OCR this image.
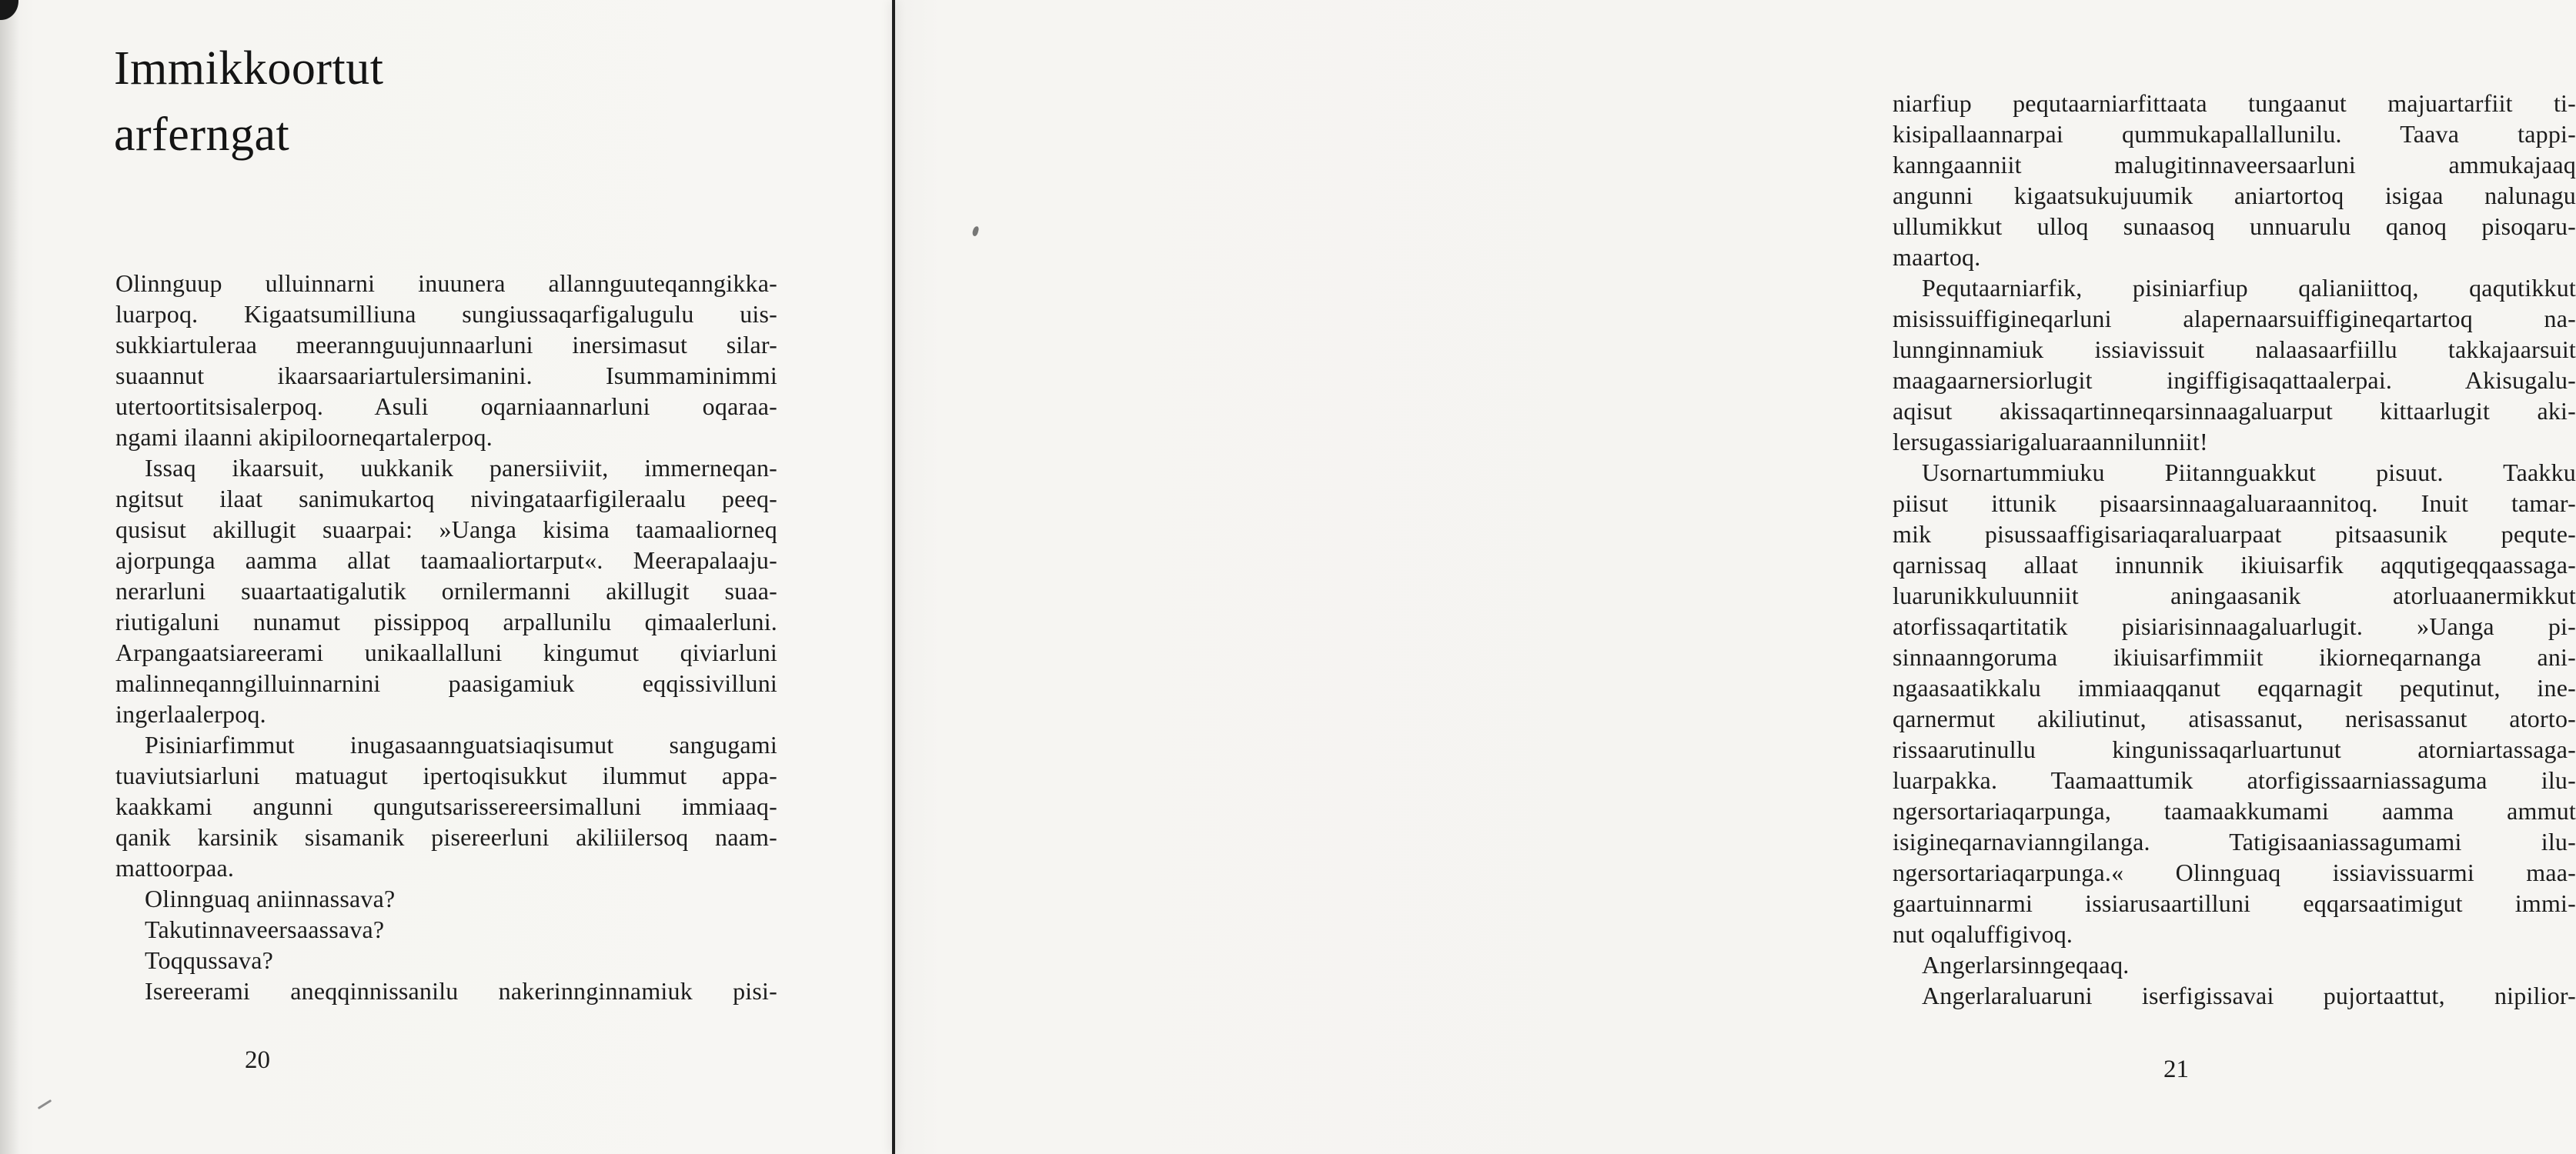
Immikkoortut
arferngat
Olinnguup ulluinnarni inuunera allannguuteqanngikka-
luarpoq. Kigaatsumilliuna sungiussaqarfigalugulu uis-
sukkiartuleraa meerannguujunnaarluni inersimasut silar-
suaannut ikaarsaariartulersimanini. Isummaminimmi
utertoortitsisalerpoq. Asuli oqarniaannarluni oqaraa-
ngami ilaanni akipiloorneqartalerpoq.
Issaq ikaarsuit, uukkanik panersiiviit, immerneqan-
ngitsut ilaat sanimukartoq nivingataarfigileraalu peeq-
qusisut akillugit suaarpai: »Uanga kisima taamaaliorneq
ajorpunga aamma allat taamaaliortarput«. Meerapalaaju-
nerarluni suaartaatigalutik ornilermanni akillugit suaa-
riutigaluni nunamut pissippoq arpallunilu qimaalerluni.
Arpangaatsiareerami unikaallalluni kingumut qiviarluni
malinneqanngilluinnarnini paasigamiuk eqqissivilluni
ingerlaalerpoq.
Pisiniarfimmut inugasaannguatsiaqisumut sangugami
tuaviutsiarluni matuagut ipertoqisukkut ilummut appa-
kaakkami angunni qungutsarissereersimalluni immiaaq-
qanik karsinik sisamanik pisereerluni akiliilersoq naam-
mattoorpaa.
Olinnguaq aniinnassava?
Takutinnaveersaassava?
Toqqussava?
Isereerami aneqqinnissanilu nakerinnginnamiuk pisi-
20
niarfiup pequtaarniarfittaata tungaanut majuartarfiit ti-
kisipallaannarpai qummukapallallunilu. Taava tappi-
kanngaanniit malugitinnaveersaarluni ammukajaaq
angunni kigaatsukujuumik aniartortoq isigaa nalunagu
ullumikkut ulloq sunaasoq unnuarulu qanoq pisoqaru-
maartoq.
Pequtaarniarfik, pisiniarfiup qalianiittoq, qaqutikkut
misissuiffigineqarluni alapernaarsuiffigineqartartoq na-
lunnginnamiuk issiavissuit nalaasaarfiillu takkajaarsuit
maagaarnersiorlugit ingiffigisaqattaalerpai. Akisugalu-
aqisut akissaqartinneqarsinnaagaluarput kittaarlugit aki-
lersugassiarigaluaraannilunniit!
Usornartummiuku Piitannguakkut pisuut. Taakku
piisut ittunik pisaarsinnaagaluaraannitoq. Inuit tamar-
mik pisussaaffigisariaqaraluarpaat pitsaasunik pequte-
qarnissaq allaat innunnik ikiuisarfik aqqutigeqqaassaga-
luarunikkuluunniit aningaasanik atorluaanermikkut
atorfissaqartitatik pisiarisinnaagaluarlugit. »Uanga pi-
sinnaanngoruma ikiuisarfimmiit ikiorneqarnanga ani-
ngaasaatikkalu immiaaqqanut eqqarnagit pequtinut, ine-
qarnermut akiliutinut, atisassanut, nerisassanut atorto-
rissaarutinullu kingunissaqarluartunut atorniartassaga-
luarpakka. Taamaattumik atorfigissaarniassaguma ilu-
ngersortariaqarpunga, taamaakkumami aamma ammut
isigineqarnavianngilanga. Tatigisaaniassagumami ilu-
ngersortariaqarpunga.« Olinnguaq issiavissuarmi maa-
gaartuinnarmi issiarusaartilluni eqqarsaatimigut immi-
nut oqaluffigivoq.
Angerlarsinngeqaaq.
Angerlaraluaruni iserfigissavai pujortaattut, nipilior-
21
